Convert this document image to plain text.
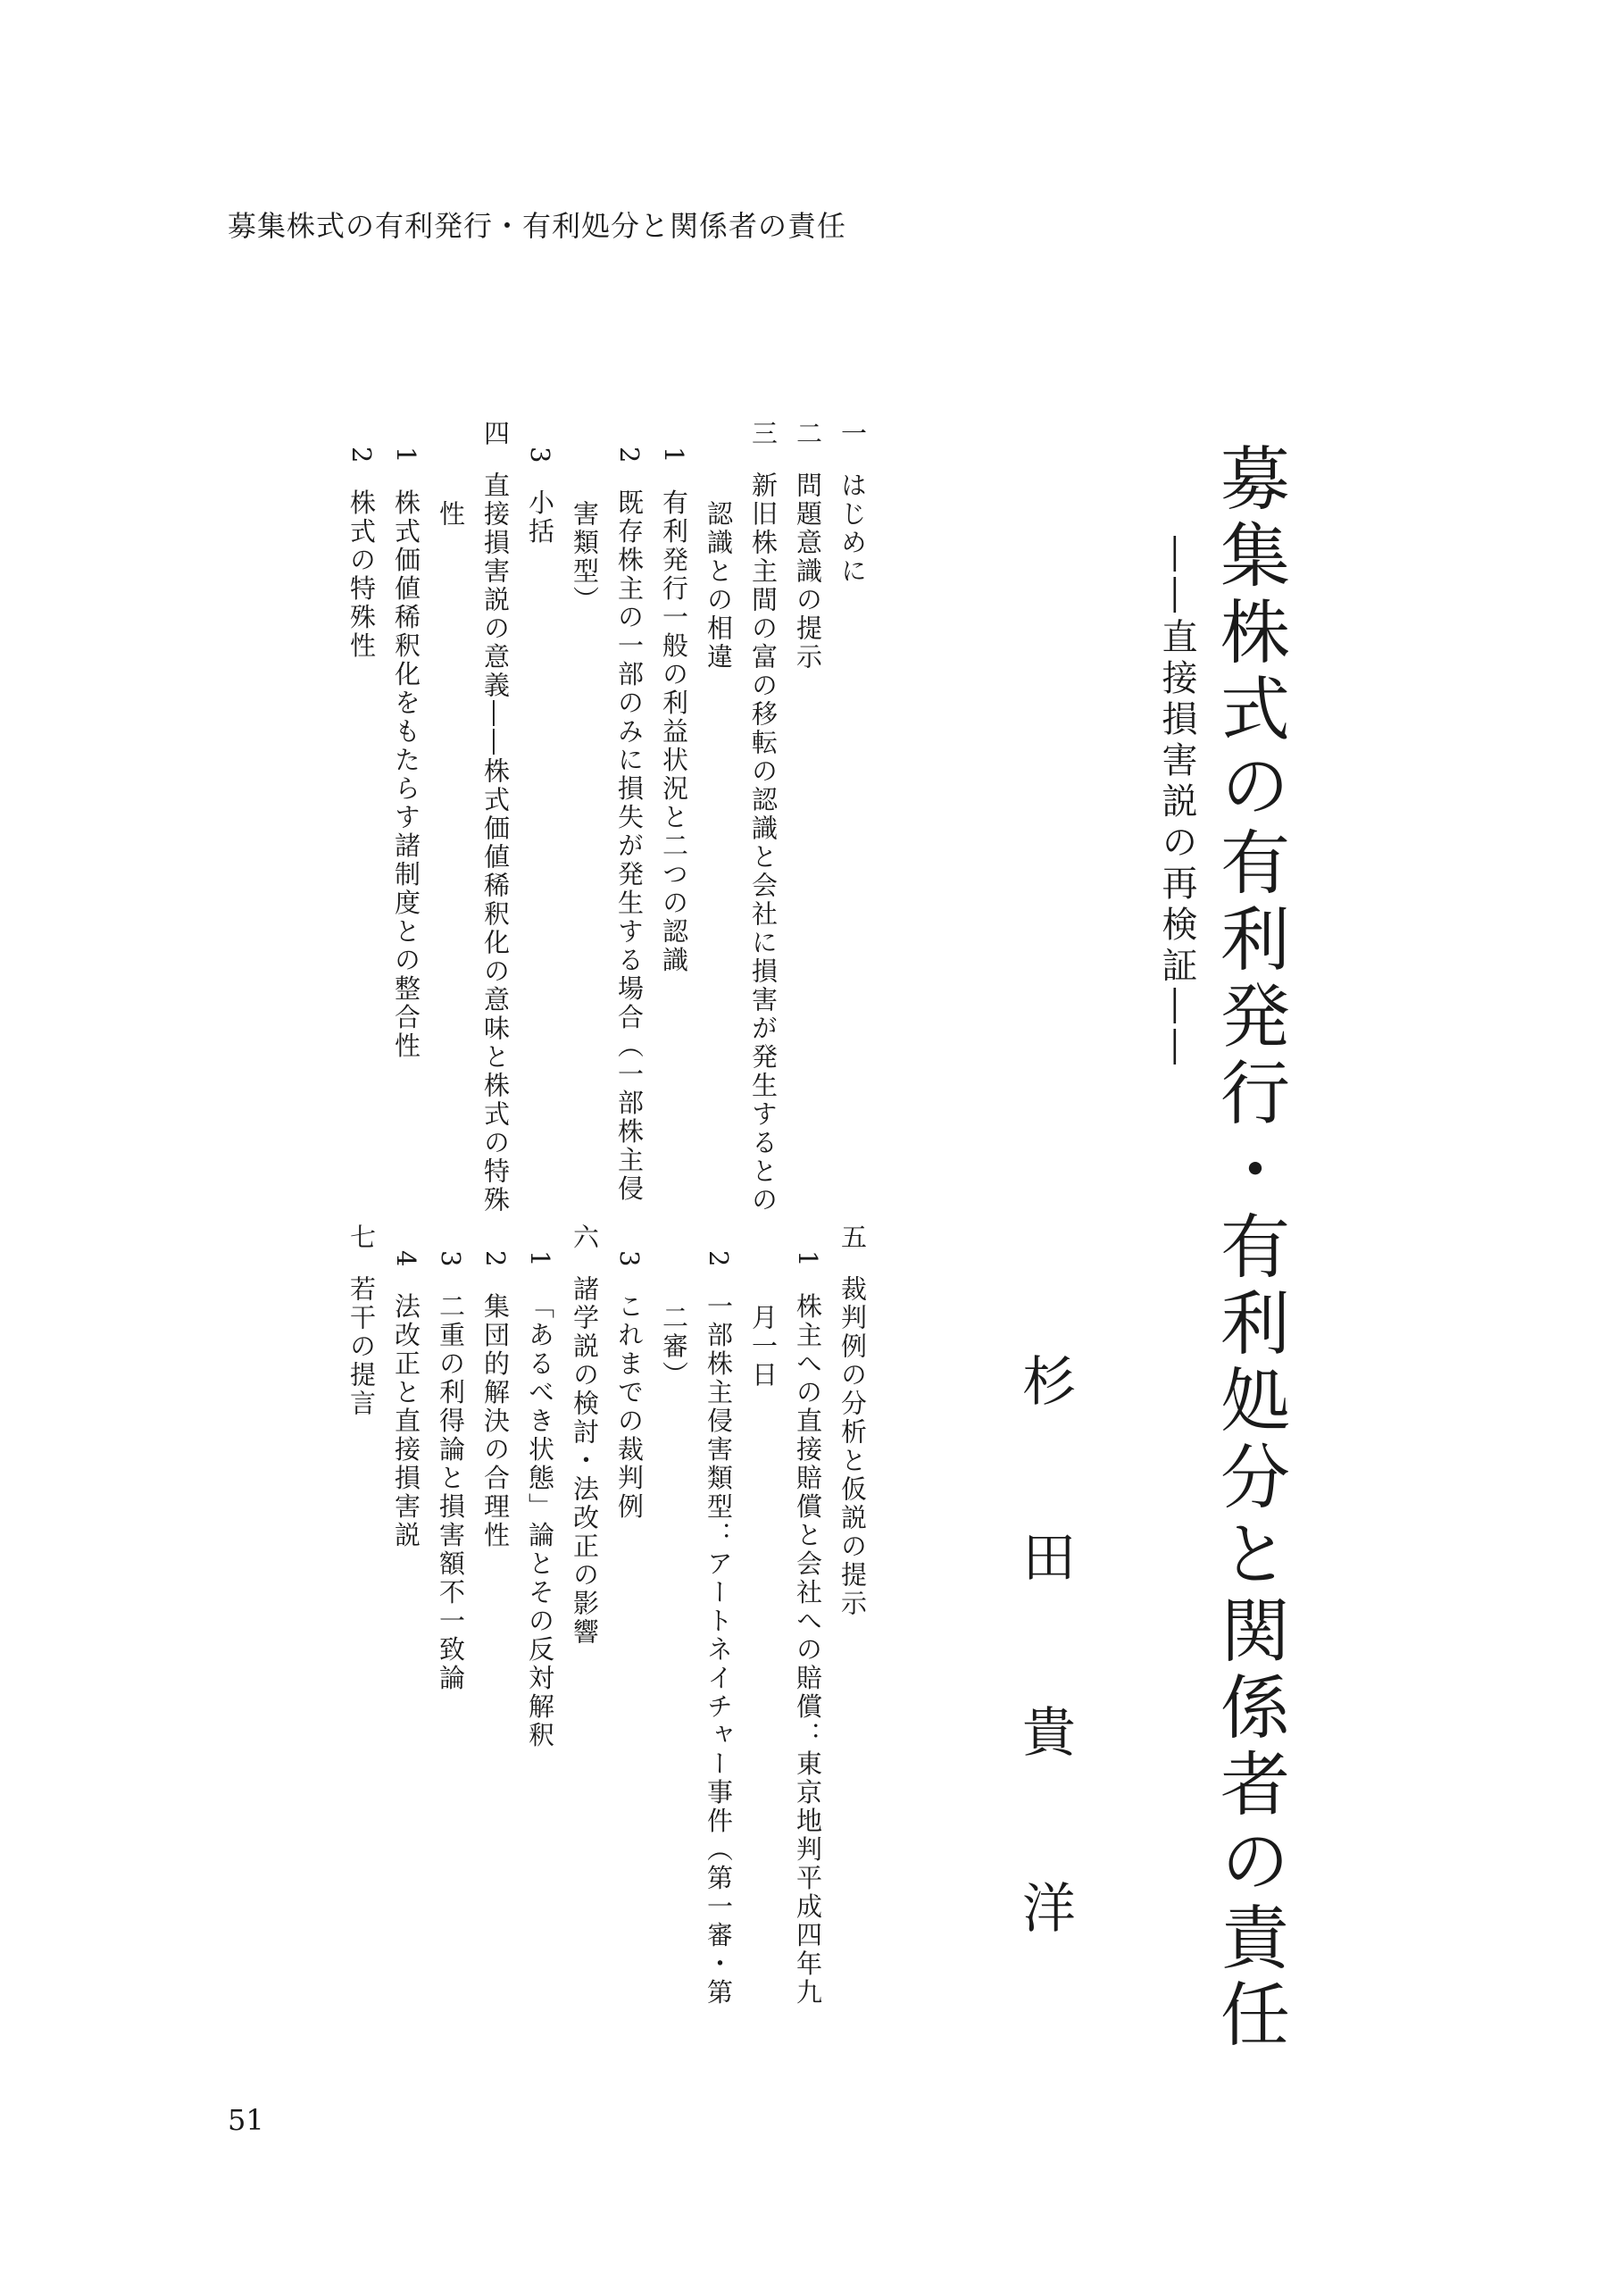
募集株式の有利発行・有利処分と関係者の責任
募集株式の有利発行・有利処分と関係者の責任
――直接損害説の再検証――
杉
田
貴
洋
一はじめに
二問題意識の提示
三新旧株主間の富の移転の認識と会社に損害が発生するとの
認識との相違
1有利発行一般の利益状況と二つの認識
2既存株主の一部のみに損失が発生する場合（一部株主侵
害類型）
3小括
四直接損害説の意義――株式価値稀釈化の意味と株式の特殊
性
1株式価値稀釈化をもたらす諸制度との整合性
2株式の特殊性
五裁判例の分析と仮説の提示
1株主への直接賠償と会社への賠償：東京地判平成四年九
月一日
2一部株主侵害類型：アートネイチャー事件（第一審・第
二審）
3これまでの裁判例
六諸学説の検討・法改正の影響
1「あるべき状態」論とその反対解釈
2集団的解決の合理性
3二重の利得論と損害額不一致論
4法改正と直接損害説
七若干の提言
51
